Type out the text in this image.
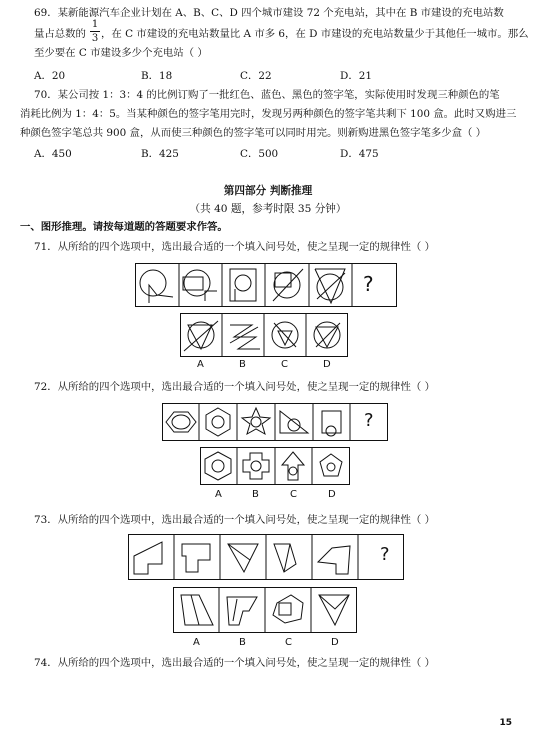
69．某新能源汽车企业计划在 A、B、C、D 四个城市建设 72 个充电站，其中在 B 市建设的充电站数
量占总数的
1
3 ，在 C 市建设的充电站数量比 A 市多 6，在 D 市建设的充电站数量少于其他任一城市。那么
至少要在 C 市建设多少个充电站（ ）
A．20	B．18	C．22	D．21
70．某公司按 1：3：4 的比例订购了一批红色、蓝色、黑色的签字笔，实际使用时发现三种颜色的笔
消耗比例为 1：4：5。当某种颜色的签字笔用完时，发现另两种颜色的签字笔共剩下 100 盒。此时又购进三
种颜色签字笔总共 900 盒，从而使三种颜色的签字笔可以同时用完。则新购进黑色签字笔多少盒（ ）
A．450	B．425	C．500	D．475
第四部分 判断推理
（共 40 题，参考时限 35 分钟）
一、图形推理。请按每道题的答题要求作答。
71．从所给的四个选项中，选出最合适的一个填入问号处，使之呈现一定的规律性（ ）
?
A	B	C	D
72．从所给的四个选项中，选出最合适的一个填入问号处，使之呈现一定的规律性（ ）
?
A	B	C	D
73．从所给的四个选项中，选出最合适的一个填入问号处，使之呈现一定的规律性（ ）
?
A	B	C	D
74．从所给的四个选项中，选出最合适的一个填入问号处，使之呈现一定的规律性（ ）
15
